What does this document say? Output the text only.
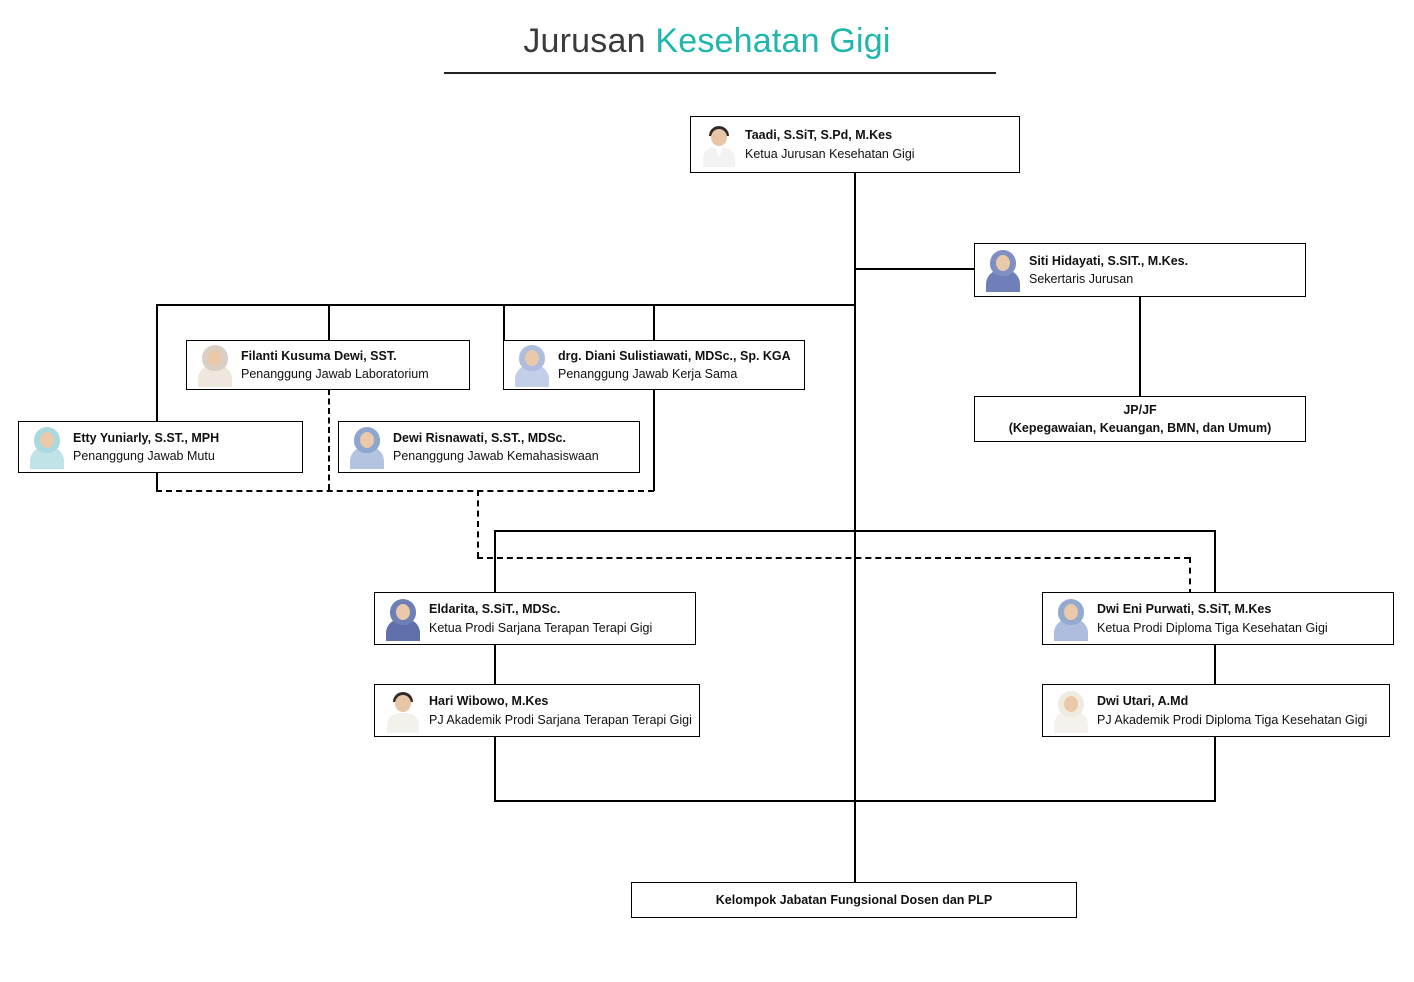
Jurusan Kesehatan Gigi
Taadi, S.SiT, S.Pd, M.Kes
Ketua Jurusan Kesehatan Gigi
Siti Hidayati, S.SIT., M.Kes.
Sekertaris Jurusan
JP/JF
(Kepegawaian, Keuangan, BMN, dan Umum)
Filanti Kusuma Dewi, SST.
Penanggung Jawab Laboratorium
drg. Diani Sulistiawati, MDSc., Sp. KGA
Penanggung Jawab Kerja Sama
Etty Yuniarly, S.ST., MPH
Penanggung Jawab Mutu
Dewi Risnawati, S.ST., MDSc.
Penanggung Jawab Kemahasiswaan
Eldarita, S.SiT., MDSc.
Ketua Prodi Sarjana Terapan Terapi Gigi
Dwi Eni Purwati, S.SiT, M.Kes
Ketua Prodi Diploma Tiga Kesehatan Gigi
Hari Wibowo, M.Kes
PJ Akademik Prodi Sarjana Terapan Terapi Gigi
Dwi Utari, A.Md
PJ Akademik Prodi Diploma Tiga Kesehatan Gigi
Kelompok Jabatan Fungsional Dosen dan PLP
